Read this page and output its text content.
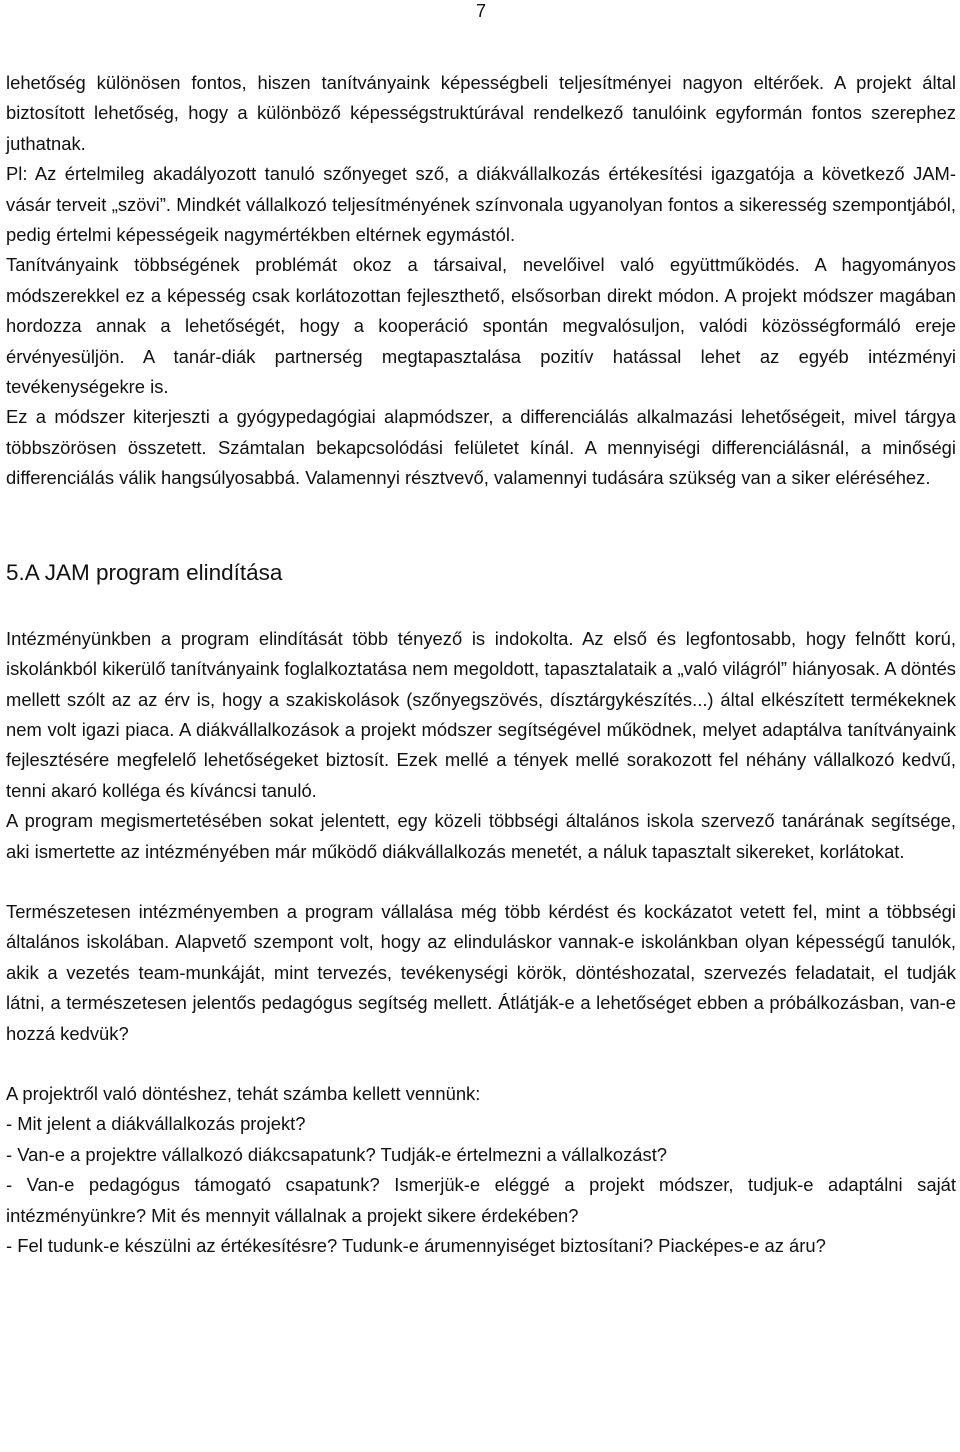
7

lehetőség különösen fontos, hiszen tanítványaink képességbeli teljesítményei nagyon eltérőek. A projekt által biztosított lehetőség, hogy a különböző képességstruktúrával rendelkező tanulóink egyformán fontos szerephez juthatnak.

Pl: Az értelmileg akadályozott tanuló szőnyeget sző, a diákvállalkozás értékesítési igazgatója a következő JAM-vásár terveit „szövi”. Mindkét vállalkozó teljesítményének színvonala ugyanolyan fontos a sikeresség szempontjából, pedig értelmi képességeik nagymértékben eltérnek egymástól.

Tanítványaink többségének problémát okoz a társaival, nevelőivel való együttműködés. A hagyományos módszerekkel ez a képesség csak korlátozottan fejleszthető, elsősorban direkt módon. A projekt módszer magában hordozza annak a lehetőségét, hogy a kooperáció spontán megvalósuljon, valódi közösségformáló ereje érvényesüljön. A tanár-diák partnerség megtapasztalása pozitív hatással lehet az egyéb intézményi tevékenységekre is.

Ez a módszer kiterjeszti a gyógypedagógiai alapmódszer, a differenciálás alkalmazási lehetőségeit, mivel tárgya többszörösen összetett. Számtalan bekapcsolódási felületet kínál. A mennyiségi differenciálásnál, a minőségi differenciálás válik hangsúlyosabbá. Valamennyi résztvevő, valamennyi tudására szükség van a siker eléréséhez.

5.A JAM program elindítása

Intézményünkben a program elindítását több tényező is indokolta. Az első és legfontosabb, hogy felnőtt korú, iskolánkból kikerülő tanítványaink foglalkoztatása nem megoldott, tapasztalataik a „való világról” hiányosak. A döntés mellett szólt az az érv is, hogy a szakiskolások (szőnyegszövés, dísztárgykészítés...) által elkészített termékeknek nem volt igazi piaca. A diákvállalkozások a projekt módszer segítségével működnek, melyet adaptálva tanítványaink fejlesztésére megfelelő lehetőségeket biztosít. Ezek mellé a tények mellé sorakozott fel néhány vállalkozó kedvű, tenni akaró kolléga és kíváncsi tanuló.

A program megismertetésében sokat jelentett, egy közeli többségi általános iskola szervező tanárának segítsége, aki ismertette az intézményében már működő diákvállalkozás menetét, a náluk tapasztalt sikereket, korlátokat.

Természetesen intézményemben a program vállalása még több kérdést és kockázatot vetett fel, mint a többségi általános iskolában. Alapvető szempont volt, hogy az elinduláskor vannak-e iskolánkban olyan képességű tanulók, akik a vezetés team-munkáját, mint tervezés, tevékenységi körök, döntéshozatal, szervezés feladatait, el tudják látni, a természetesen jelentős pedagógus segítség mellett. Átlátják-e a lehetőséget ebben a próbálkozásban, van-e hozzá kedvük?

A projektről való döntéshez, tehát számba kellett vennünk:

- Mit jelent a diákvállalkozás projekt?

- Van-e a projektre vállalkozó diákcsapatunk? Tudják-e értelmezni a vállalkozást?

- Van-e pedagógus támogató csapatunk? Ismerjük-e eléggé a projekt módszer, tudjuk-e adaptálni saját intézményünkre? Mit és mennyit vállalnak a projekt sikere érdekében?

- Fel tudunk-e készülni az értékesítésre? Tudunk-e árumennyiséget biztosítani? Piacképes-e az áru?
